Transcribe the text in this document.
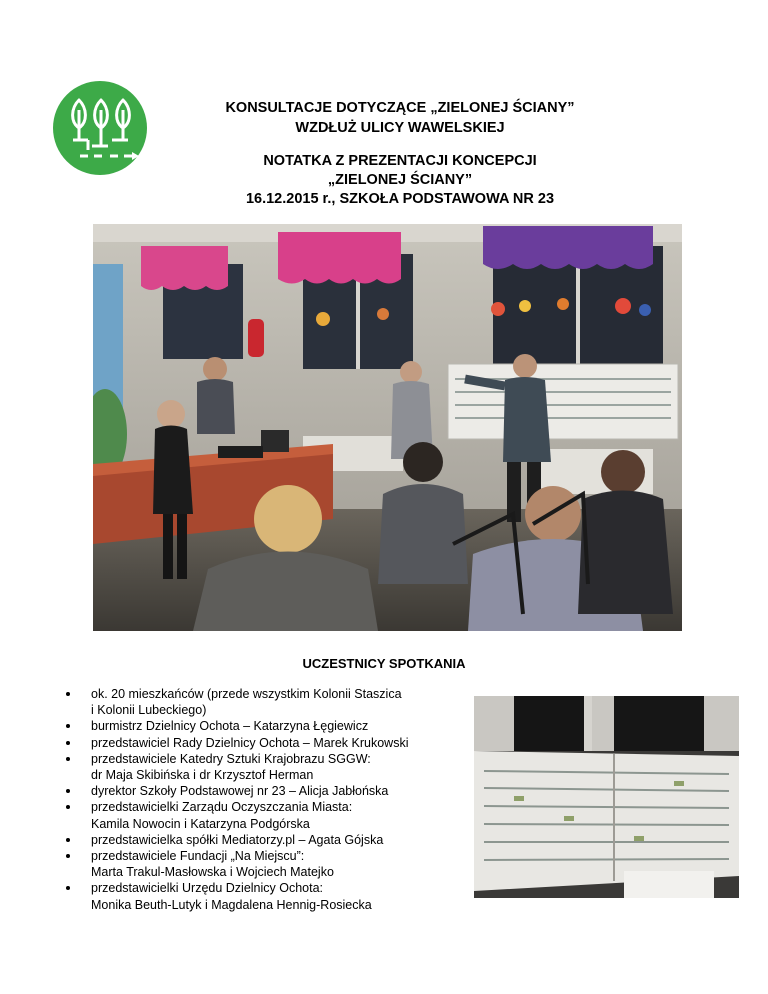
KONSULTACJE DOTYCZĄCE „ZIELONEJ ŚCIANY”
WZDŁUŻ ULICY WAWELSKIEJ
NOTATKA Z PREZENTACJI KONCEPCJI
„ZIELONEJ ŚCIANY”
16.12.2015 r., SZKOŁA PODSTAWOWA NR 23
UCZESTNICY SPOTKANIA
ok. 20 mieszkańców (przede wszystkim Kolonii Staszica
i Kolonii Lubeckiego)
burmistrz Dzielnicy Ochota – Katarzyna Łęgiewicz
przedstawiciel Rady Dzielnicy Ochota – Marek Krukowski
przedstawiciele Katedry Sztuki Krajobrazu SGGW:
dr Maja Skibińska i dr Krzysztof Herman
dyrektor Szkoły Podstawowej nr 23 – Alicja Jabłońska
przedstawicielki Zarządu Oczyszczania Miasta:
Kamila Nowocin i Katarzyna Podgórska
przedstawicielka spółki Mediatorzy.pl – Agata Gójska
przedstawiciele Fundacji „Na Miejscu”:
Marta Trakul-Masłowska i Wojciech Matejko
przedstawicielki Urzędu Dzielnicy Ochota:
Monika Beuth-Lutyk i Magdalena Hennig-Rosiecka
